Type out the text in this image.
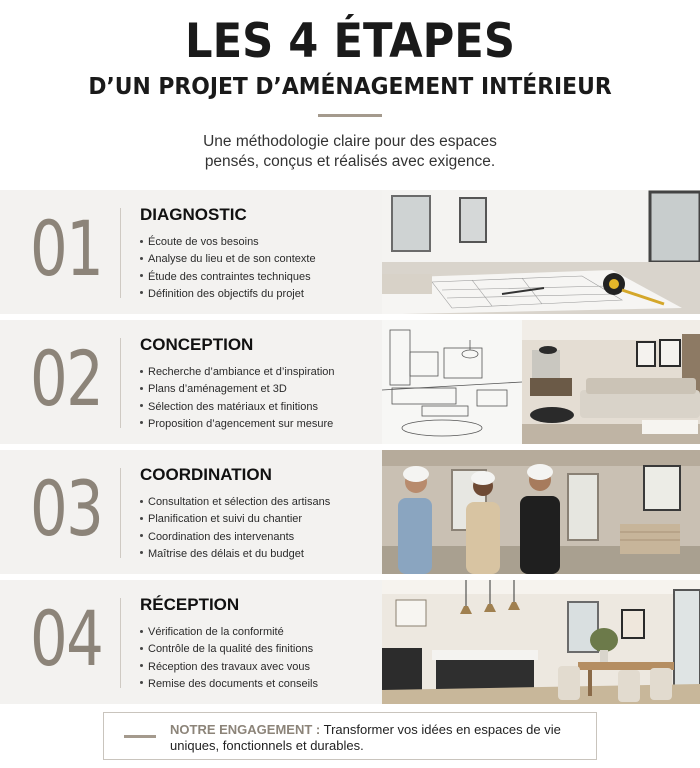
LES 4 ÉTAPES
D’UN PROJET D’AMÉNAGEMENT INTÉRIEUR
Une méthodologie claire pour des espaces
pensés, conçus et réalisés avec exigence.
01 DIAGNOSTIC
Écoute de vos besoins
Analyse du lieu et de son contexte
Étude des contraintes techniques
Définition des objectifs du projet
02 CONCEPTION
Recherche d’ambiance et d’inspiration
Plans d’aménagement et 3D
Sélection des matériaux et finitions
Proposition d’agencement sur mesure
03 COORDINATION
Consultation et sélection des artisans
Planification et suivi du chantier
Coordination des intervenants
Maîtrise des délais et du budget
04 RÉCEPTION
Vérification de la conformité
Contrôle de la qualité des finitions
Réception des travaux avec vous
Remise des documents et conseils
NOTRE ENGAGEMENT : Transformer vos idées en espaces de vie uniques, fonctionnels et durables.
